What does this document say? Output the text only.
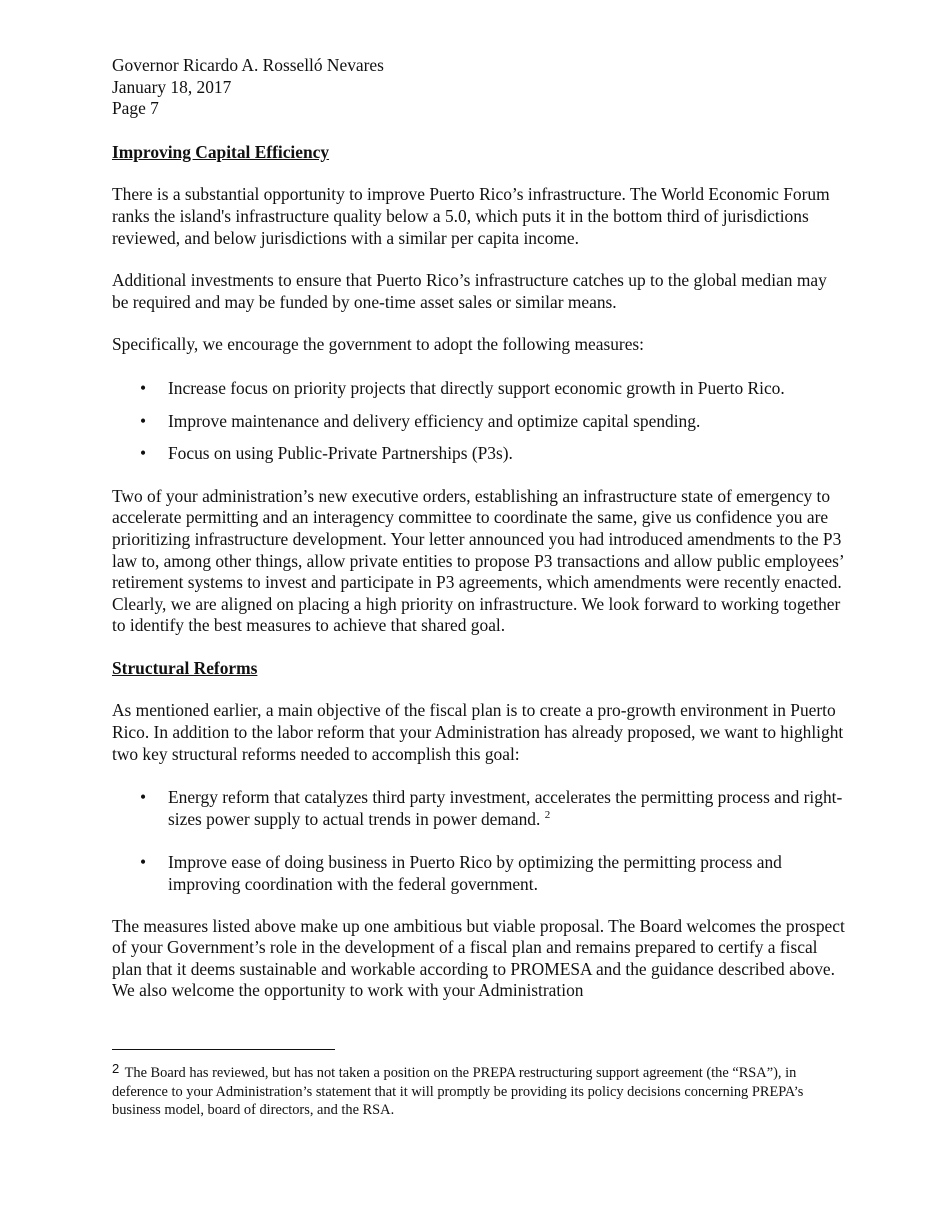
Governor Ricardo A. Rosselló Nevares

January 18, 2017

Page 7

Improving Capital Efficiency

There is a substantial opportunity to improve Puerto Rico’s infrastructure. The World Economic Forum ranks the island's infrastructure quality below a 5.0, which puts it in the bottom third of jurisdictions reviewed, and below jurisdictions with a similar per capita income.

Additional investments to ensure that Puerto Rico’s infrastructure catches up to the global median may be required and may be funded by one-time asset sales or similar means.

Specifically, we encourage the government to adopt the following measures:

• Increase focus on priority projects that directly support economic growth in Puerto Rico.
• Improve maintenance and delivery efficiency and optimize capital spending.
• Focus on using Public-Private Partnerships (P3s).

Two of your administration’s new executive orders, establishing an infrastructure state of emergency to accelerate permitting and an interagency committee to coordinate the same, give us confidence you are prioritizing infrastructure development. Your letter announced you had introduced amendments to the P3 law to, among other things, allow private entities to propose P3 transactions and allow public employees’ retirement systems to invest and participate in P3 agreements, which amendments were recently enacted. Clearly, we are aligned on placing a high priority on infrastructure. We look forward to working together to identify the best measures to achieve that shared goal.

Structural Reforms

As mentioned earlier, a main objective of the fiscal plan is to create a pro-growth environment in Puerto Rico. In addition to the labor reform that your Administration has already proposed, we want to highlight two key structural reforms needed to accomplish this goal:

• Energy reform that catalyzes third party investment, accelerates the permitting process and right-sizes power supply to actual trends in power demand. $^2$
• Improve ease of doing business in Puerto Rico by optimizing the permitting process and improving coordination with the federal government.

The measures listed above make up one ambitious but viable proposal. The Board welcomes the prospect of your Government’s role in the development of a fiscal plan and remains prepared to certify a fiscal plan that it deems sustainable and workable according to PROMESA and the guidance described above. We also welcome the opportunity to work with your Administration

2 The Board has reviewed, but has not taken a position on the PREPA restructuring support agreement (the “RSA”), in deference to your Administration’s statement that it will promptly be providing its policy decisions concerning PREPA’s business model, board of directors, and the RSA.
